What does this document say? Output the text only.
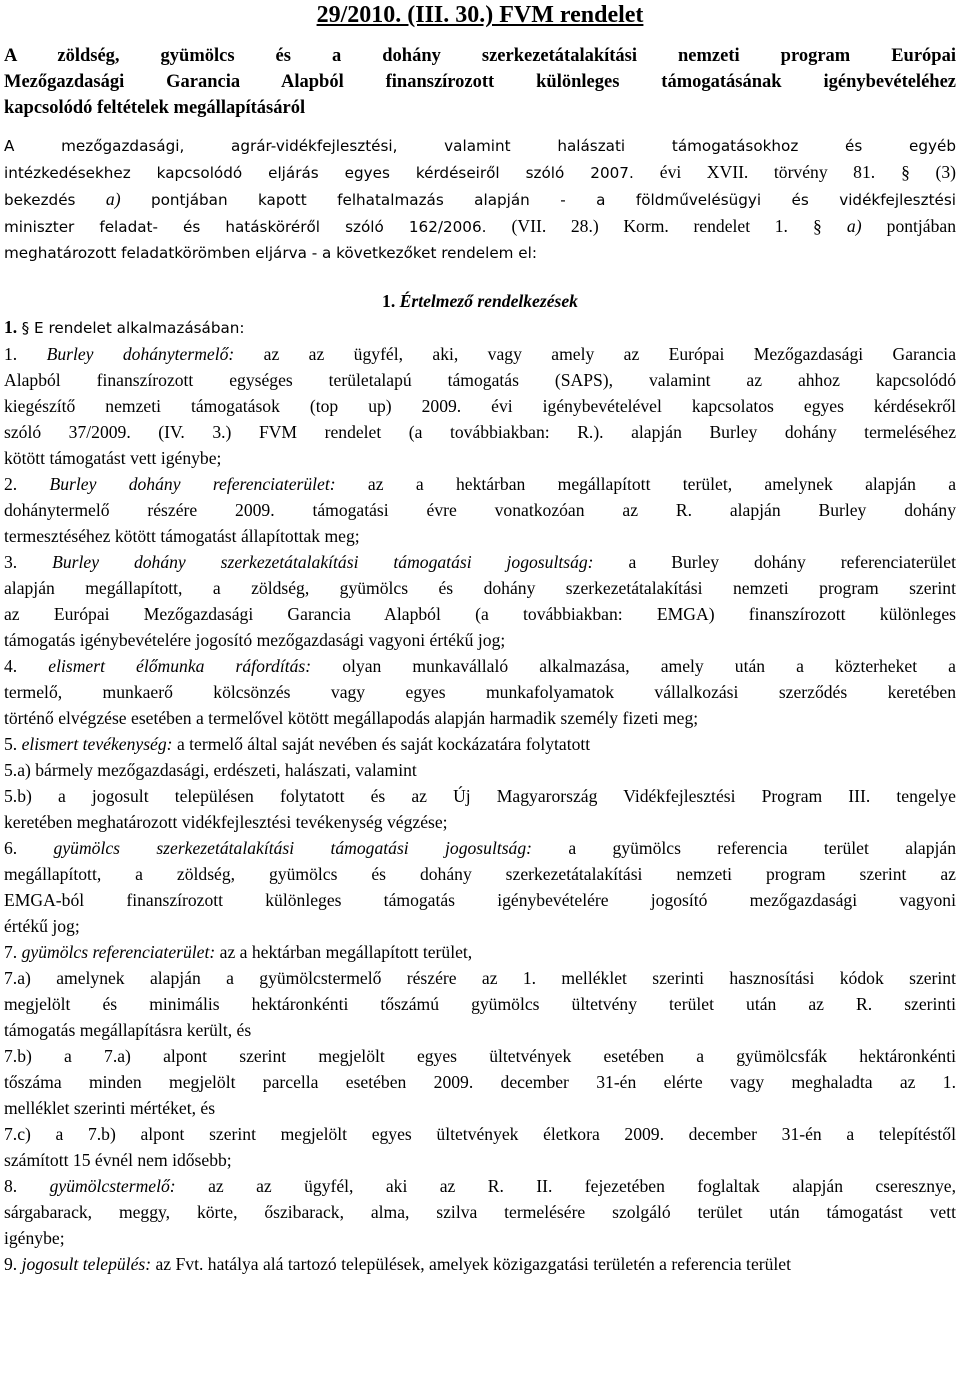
29/2010. (III. 30.) FVM rendelet
A zöldség, gyümölcs és a dohány szerkezetátalakítási nemzeti program Európai
Mezőgazdasági Garancia Alapból finanszírozott különleges támogatásának igénybevételéhez
kapcsolódó feltételek megállapításáról
A mezőgazdasági, agrár-vidékfejlesztési, valamint halászati támogatásokhoz és egyéb
intézkedésekhez kapcsolódó eljárás egyes kérdéseiről szóló 2007. évi XVII. törvény 81. § (3)
bekezdés a) pontjában kapott felhatalmazás alapján - a földművelésügyi és vidékfejlesztési
miniszter feladat- és hatásköréről szóló 162/2006. (VII. 28.) Korm. rendelet 1. § a) pontjában
meghatározott feladatkörömben eljárva - a következőket rendelem el:
1. Értelmező rendelkezések
1. § E rendelet alkalmazásában:
1. Burley dohánytermelő: az az ügyfél, aki, vagy amely az Európai Mezőgazdasági Garancia
Alapból finanszírozott egységes területalapú támogatás (SAPS), valamint az ahhoz kapcsolódó
kiegészítő nemzeti támogatások (top up) 2009. évi igénybevételével kapcsolatos egyes kérdésekről
szóló 37/2009. (IV. 3.) FVM rendelet (a továbbiakban: R.). alapján Burley dohány termeléséhez
kötött támogatást vett igénybe;
2. Burley dohány referenciaterület: az a hektárban megállapított terület, amelynek alapján a
dohánytermelő részére 2009. támogatási évre vonatkozóan az R. alapján Burley dohány
termesztéséhez kötött támogatást állapítottak meg;
3. Burley dohány szerkezetátalakítási támogatási jogosultság: a Burley dohány referenciaterület
alapján megállapított, a zöldség, gyümölcs és dohány szerkezetátalakítási nemzeti program szerint
az Európai Mezőgazdasági Garancia Alapból (a továbbiakban: EMGA) finanszírozott különleges
támogatás igénybevételére jogosító mezőgazdasági vagyoni értékű jog;
4. elismert élőmunka ráfordítás: olyan munkavállaló alkalmazása, amely után a közterheket a
termelő, munkaerő kölcsönzés vagy egyes munkafolyamatok vállalkozási szerződés keretében
történő elvégzése esetében a termelővel kötött megállapodás alapján harmadik személy fizeti meg;
5. elismert tevékenység: a termelő által saját nevében és saját kockázatára folytatott
5.a) bármely mezőgazdasági, erdészeti, halászati, valamint
5.b) a jogosult településen folytatott és az Új Magyarország Vidékfejlesztési Program III. tengelye
keretében meghatározott vidékfejlesztési tevékenység végzése;
6. gyümölcs szerkezetátalakítási támogatási jogosultság: a gyümölcs referencia terület alapján
megállapított, a zöldség, gyümölcs és dohány szerkezetátalakítási nemzeti program szerint az
EMGA-ból finanszírozott különleges támogatás igénybevételére jogosító mezőgazdasági vagyoni
értékű jog;
7. gyümölcs referenciaterület: az a hektárban megállapított terület,
7.a) amelynek alapján a gyümölcstermelő részére az 1. melléklet szerinti hasznosítási kódok szerint
megjelölt és minimális hektáronkénti tőszámú gyümölcs ültetvény terület után az R. szerinti
támogatás megállapításra került, és
7.b) a 7.a) alpont szerint megjelölt egyes ültetvények esetében a gyümölcsfák hektáronkénti
tőszáma minden megjelölt parcella esetében 2009. december 31-én elérte vagy meghaladta az 1.
melléklet szerinti mértéket, és
7.c) a 7.b) alpont szerint megjelölt egyes ültetvények életkora 2009. december 31-én a telepítéstől
számított 15 évnél nem idősebb;
8. gyümölcstermelő: az az ügyfél, aki az R. II. fejezetében foglaltak alapján cseresznye,
sárgabarack, meggy, körte, őszibarack, alma, szilva termelésére szolgáló terület után támogatást vett
igénybe;
9. jogosult település: az Fvt. hatálya alá tartozó települések, amelyek közigazgatási területén a referencia terület
